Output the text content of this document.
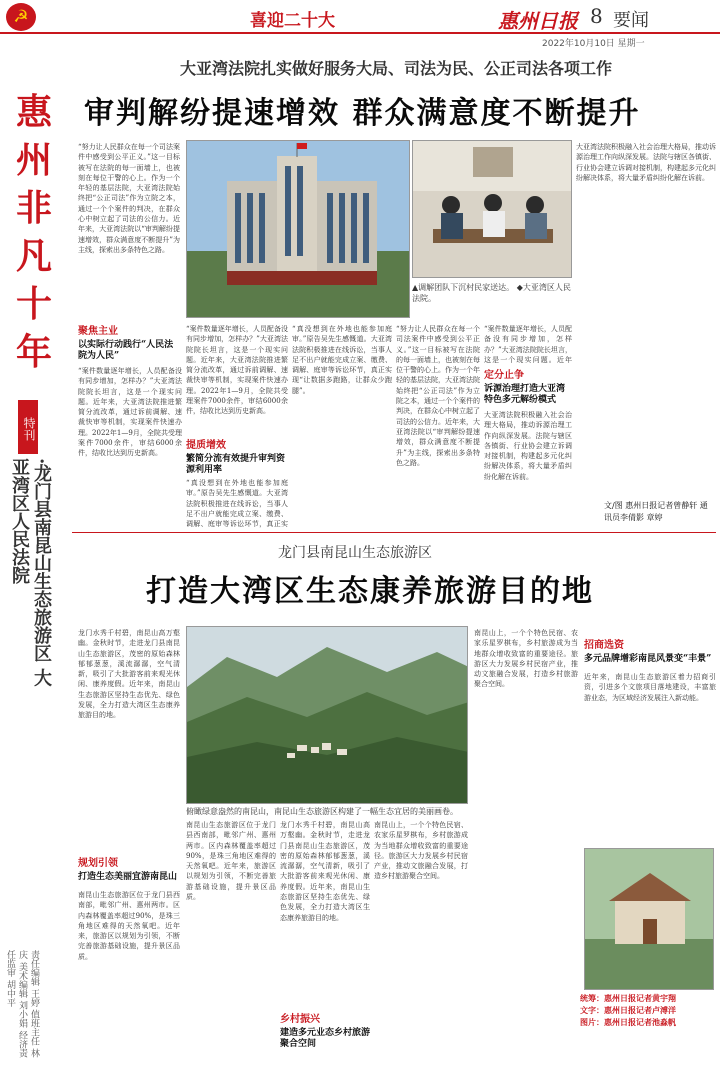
☭	喜迎二十大	惠州日报 8 要闻
2022年10月10日 星期一
惠
州
非
凡
十
年
特刊
·龙门县南昆山生态旅游区 大亚湾区人民法院
责任编辑 王婷 值班主任 林庆 美术编辑 刘小娟 经济责任监审 胡中平
大亚湾法院扎实做好服务大局、司法为民、公正司法各项工作
审判解纷提速增效 群众满意度不断提升
“努力让人民群众在每一个司法案件中感受到公平正义。”这一目标被写在法院的每一面墙上，也被刻在每位干警的心上。作为一个年轻的基层法院，大亚湾法院始终把“公正司法”作为立院之本，通过一个个案件的判决，在群众心中树立起了司法的公信力。近年来，大亚湾法院以“审判解纷提速增效，群众满意度不断提升”为主线，探索出多条特色之路。
▲调解团队下沉村民家送达。 ◆大亚湾区人民法院。
大亚湾法院积极融入社会治理大格局，推动诉源治理工作向纵深发展。法院与辖区各镇街、行业协会建立诉调对接机制，构建起多元化纠纷解决体系，将大量矛盾纠纷化解在诉前。
聚焦主业
以实际行动践行“人民法院为人民”
“案件数量逐年增长，人员配备没有同步增加，怎样办？”大亚湾法院院长坦言，这是一个现实问题。近年来，大亚湾法院推进繁简分流改革，通过诉前调解、速裁快审等机制，实现案件快速办理。2022年1—9月，全院共受理案件7000余件，审结6000余件，结收比达到历史新高。
“案件数量逐年增长，人员配备没有同步增加，怎样办？”大亚湾法院院长坦言，这是一个现实问题。近年来，大亚湾法院推进繁简分流改革，通过诉前调解、速裁快审等机制，实现案件快速办理。2022年1—9月，全院共受理案件7000余件，审结6000余件，结收比达到历史新高。
提质增效
繁简分流有效提升审判资源利用率
“真没想到在外地也能参加庭审。”原告吴先生感慨道。大亚湾法院积极推进在线诉讼，当事人足不出户就能完成立案、缴费、调解、庭审等诉讼环节，真正实
“真没想到在外地也能参加庭审。”原告吴先生感慨道。大亚湾法院积极推进在线诉讼，当事人足不出户就能完成立案、缴费、调解、庭审等诉讼环节，真正实现“让数据多跑路，让群众少跑腿”。
“努力让人民群众在每一个司法案件中感受到公平正义。”这一目标被写在法院的每一面墙上，也被刻在每位干警的心上。作为一个年轻的基层法院，大亚湾法院始终把“公正司法”作为立院之本，通过一个个案件的判决，在群众心中树立起了司法的公信力。近年来，大亚湾法院以“审判解纷提速增效，群众满意度不断提升”为主线，探索出多条特色之路。
“案件数量逐年增长，人员配备没有同步增加，怎样办？”大亚湾法院院长坦言，这是一个现实问题。近年
定分止争
诉源治理打造大亚湾特色多元解纷模式
大亚湾法院积极融入社会治理大格局，推动诉源治理工作向纵深发展。法院与辖区各镇街、行业协会建立诉调对接机制，构建起多元化纠纷解决体系，将大量矛盾纠纷化解在诉前。
文/图 惠州日报记者曾静轩 通讯员李倩影 章婷
龙门县南昆山生态旅游区
打造大湾区生态康养旅游目的地
龙门水秀千村碧，南昆山高万壑幽。金秋时节，走进龙门县南昆山生态旅游区，茂密的原始森林郁郁葱葱，溪流潺潺，空气清新，吸引了大批游客前来观光休闲、康养度假。近年来，南昆山生态旅游区坚持生态优先、绿色发展，全力打造大湾区生态康养旅游目的地。
规划引领
打造生态美丽宜游南昆山
南昆山生态旅游区位于龙门县西南部，毗邻广州、惠州两市。区内森林覆盖率超过90%，是珠三角地区难得的天然氧吧。近年来，旅游区以规划为引领，不断完善旅游基础设施，提升景区品质。
俯瞰绿意盎然的南昆山，南昆山生态旅游区构建了一幅生态宜居的美丽画卷。
南昆山生态旅游区位于龙门县西南部，毗邻广州、惠州两市。区内森林覆盖率超过90%，是珠三角地区难得的天然氧吧。近年来，旅游区以规划为引领，不断完善旅游基础设施，提升景区品质。
龙门水秀千村碧，南昆山高万壑幽。金秋时节，走进龙门县南昆山生态旅游区，茂密的原始森林郁郁葱葱，溪流潺潺，空气清新，吸引了大批游客前来观光休闲、康养度假。近年来，南昆山生态旅游区坚持生态优先、绿色发展，全力打造大湾区生态康养旅游目的地。
乡村振兴
建造多元业态乡村旅游聚合空间
南昆山上，一个个特色民宿、农家乐星罗棋布，乡村旅游成为当地群众增收致富的重要途径。旅游区大力发展乡村民宿产业，推动文旅融合发展，打造乡村旅游聚合空间。
南昆山上，一个个特色民宿、农家乐星罗棋布，乡村旅游成为当地群众增收致富的重要途径。旅游区大力发展乡村民宿产业，推动文旅融合发展，打造乡村旅游聚合空间。
招商选资
多元品牌增彩南昆风景变“丰景”
近年来，南昆山生态旅游区着力招商引资，引进多个文旅项目落地建设，丰富旅游业态，为区域经济发展注入新动能。
统筹：惠州日报记者黄宇翔
文字：惠州日报记者卢溥洋
图片：惠州日报记者池淼帆
